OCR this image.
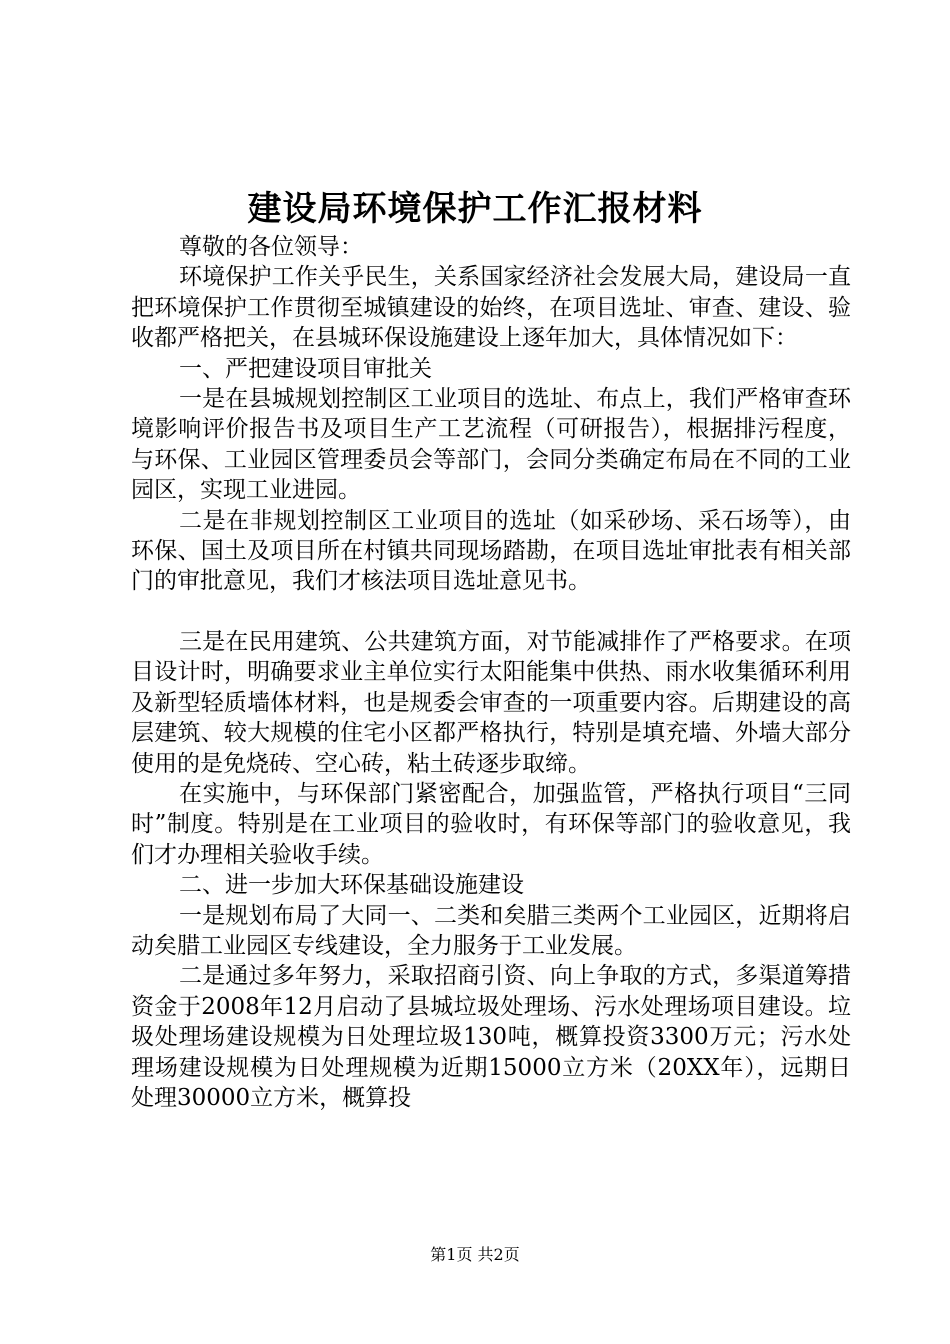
建设局环境保护工作汇报材料

尊敬的各位领导：

环境保护工作关乎民生，关系国家经济社会发展大局，建设局一直把环境保护工作贯彻至城镇建设的始终，在项目选址、审查、建设、验收都严格把关，在县城环保设施建设上逐年加大，具体情况如下：

一、严把建设项目审批关

一是在县城规划控制区工业项目的选址、布点上，我们严格审查环境影响评价报告书及项目生产工艺流程（可研报告），根据排污程度，与环保、工业园区管理委员会等部门，会同分类确定布局在不同的工业园区，实现工业进园。

二是在非规划控制区工业项目的选址（如采砂场、采石场等），由环保、国土及项目所在村镇共同现场踏勘，在项目选址审批表有相关部门的审批意见，我们才核法项目选址意见书。

三是在民用建筑、公共建筑方面，对节能减排作了严格要求。在项目设计时，明确要求业主单位实行太阳能集中供热、雨水收集循环利用及新型轻质墙体材料，也是规委会审查的一项重要内容。后期建设的高层建筑、较大规模的住宅小区都严格执行，特别是填充墙、外墙大部分使用的是免烧砖、空心砖，粘土砖逐步取缔。

在实施中，与环保部门紧密配合，加强监管，严格执行项目“三同时”制度。特别是在工业项目的验收时，有环保等部门的验收意见，我们才办理相关验收手续。

二、进一步加大环保基础设施建设

一是规划布局了大同一、二类和矣腊三类两个工业园区，近期将启动矣腊工业园区专线建设，全力服务于工业发展。

二是通过多年努力，采取招商引资、向上争取的方式，多渠道筹措资金于2008年12月启动了县城垃圾处理场、污水处理场项目建设。垃圾处理场建设规模为日处理垃圾130吨，概算投资3300万元；污水处理场建设规模为日处理规模为近期15000立方米（20XX年），远期日处理30000立方米，概算投

第1页 共2页
